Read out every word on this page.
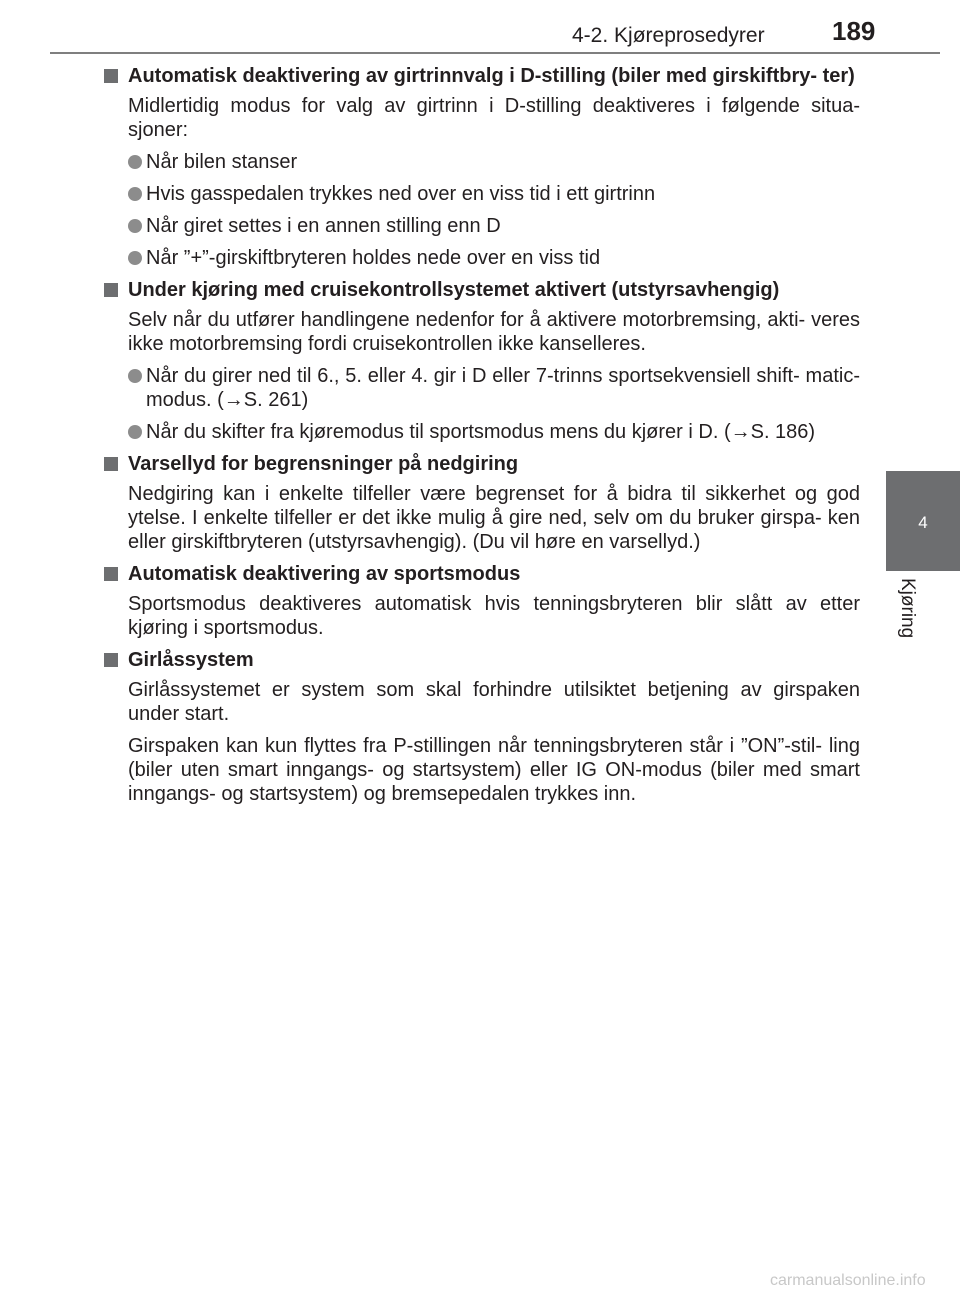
4-2. Kjøreprosedyrer	189
4
Kjøring
Automatisk deaktivering av girtrinnvalg i D-stilling (biler med girskiftbry- ter)
Midlertidig modus for valg av girtrinn i D-stilling deaktiveres i følgende situa- sjoner:
Når bilen stanser
Hvis gasspedalen trykkes ned over en viss tid i ett girtrinn
Når giret settes i en annen stilling enn D
Når ”+”-girskiftbryteren holdes nede over en viss tid
Under kjøring med cruisekontrollsystemet aktivert (utstyrsavhengig)
Selv når du utfører handlingene nedenfor for å aktivere motorbremsing, akti- veres ikke motorbremsing fordi cruisekontrollen ikke kanselleres.
Når du girer ned til 6., 5. eller 4. gir i D eller 7-trinns sportsekvensiell shift- matic-modus. (→S. 261)
Når du skifter fra kjøremodus til sportsmodus mens du kjører i D. (→S. 186)
Varsellyd for begrensninger på nedgiring
Nedgiring kan i enkelte tilfeller være begrenset for å bidra til sikkerhet og god ytelse. I enkelte tilfeller er det ikke mulig å gire ned, selv om du bruker girspa- ken eller girskiftbryteren (utstyrsavhengig). (Du vil høre en varsellyd.)
Automatisk deaktivering av sportsmodus
Sportsmodus deaktiveres automatisk hvis tenningsbryteren blir slått av etter kjøring i sportsmodus.
Girlåssystem
Girlåssystemet er system som skal forhindre utilsiktet betjening av girspaken under start.
Girspaken kan kun flyttes fra P-stillingen når tenningsbryteren står i ”ON”-stil- ling (biler uten smart inngangs- og startsystem) eller IG ON-modus (biler med smart inngangs- og startsystem) og bremsepedalen trykkes inn.
carmanualsonline.info
